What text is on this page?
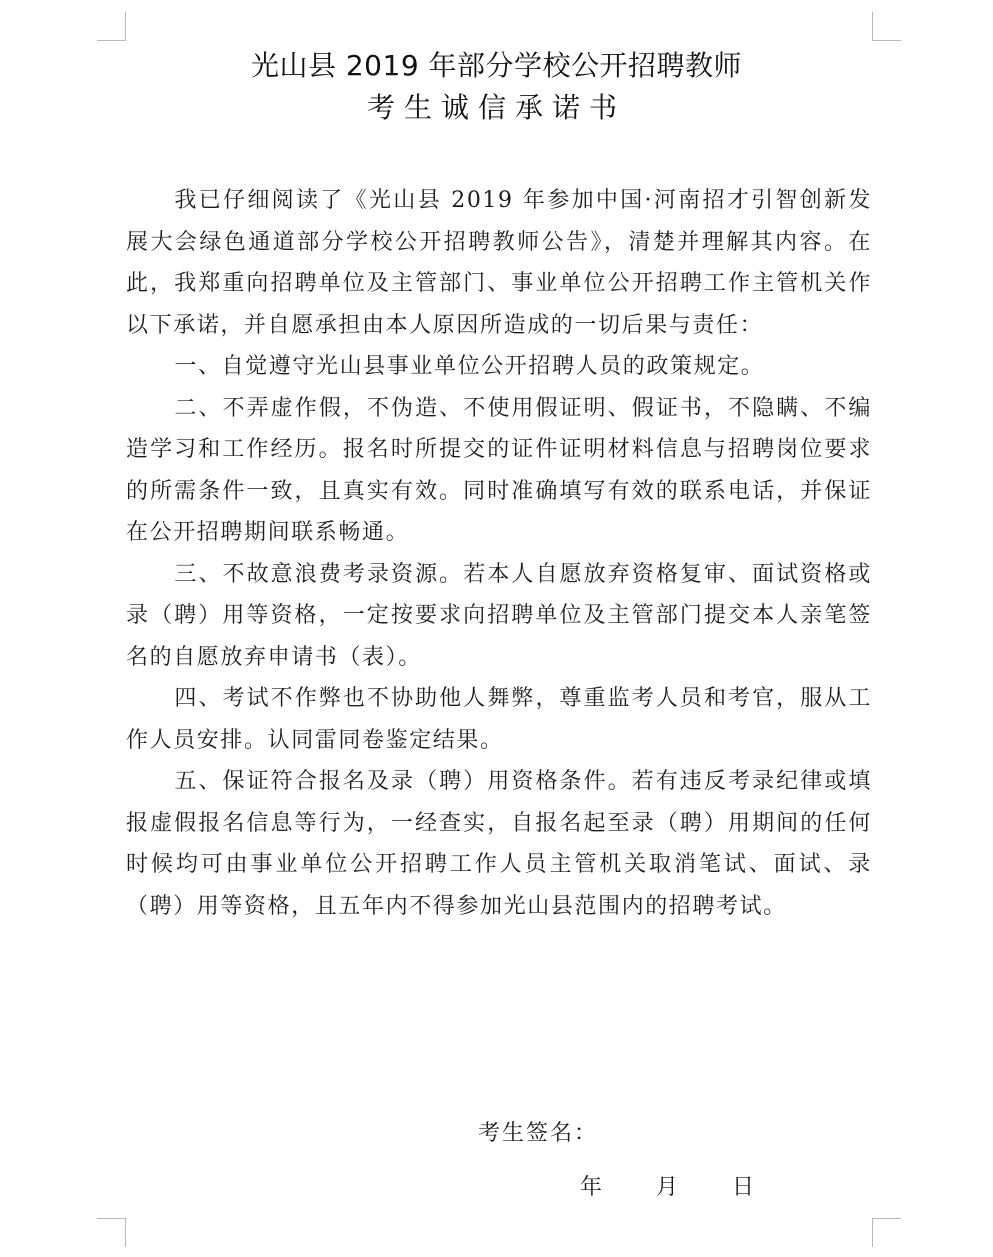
光山县 2019 年部分学校公开招聘教师
考生诚信承诺书

我已仔细阅读了《光山县 2019 年参加中国·河南招才引智创新发展大会绿色通道部分学校公开招聘教师公告》，清楚并理解其内容。在此，我郑重向招聘单位及主管部门、事业单位公开招聘工作主管机关作以下承诺，并自愿承担由本人原因所造成的一切后果与责任：

一、自觉遵守光山县事业单位公开招聘人员的政策规定。

二、不弄虚作假，不伪造、不使用假证明、假证书，不隐瞒、不编造学习和工作经历。报名时所提交的证件证明材料信息与招聘岗位要求的所需条件一致，且真实有效。同时准确填写有效的联系电话，并保证在公开招聘期间联系畅通。

三、不故意浪费考录资源。若本人自愿放弃资格复审、面试资格或录（聘）用等资格，一定按要求向招聘单位及主管部门提交本人亲笔签名的自愿放弃申请书（表）。

四、考试不作弊也不协助他人舞弊，尊重监考人员和考官，服从工作人员安排。认同雷同卷鉴定结果。

五、保证符合报名及录（聘）用资格条件。若有违反考录纪律或填报虚假报名信息等行为，一经查实，自报名起至录（聘）用期间的任何时候均可由事业单位公开招聘工作人员主管机关取消笔试、面试、录（聘）用等资格，且五年内不得参加光山县范围内的招聘考试。

考生签名：
年 月 日
